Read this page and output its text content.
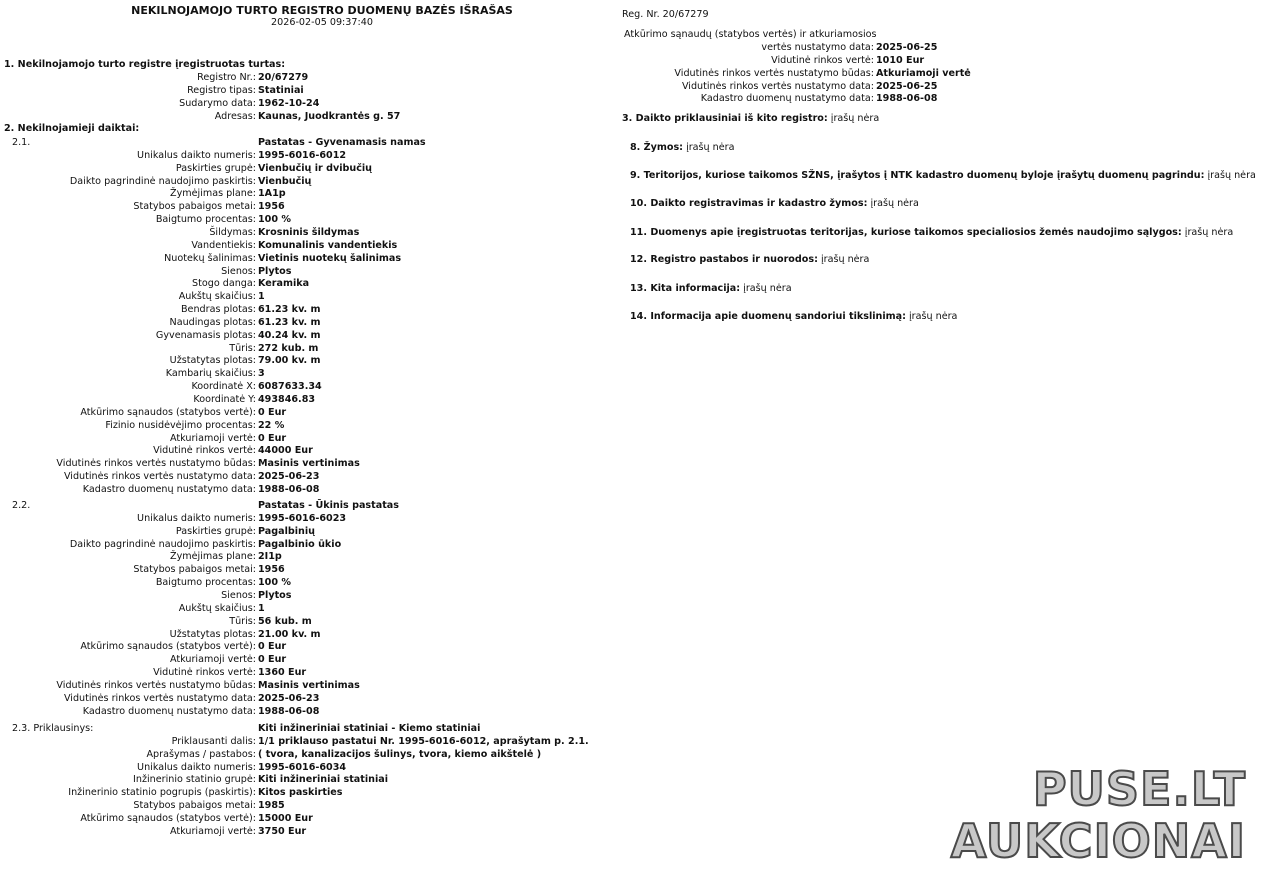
NEKILNOJAMOJO TURTO REGISTRO DUOMENŲ BAZĖS IŠRAŠAS
2026-02-05 09:37:40
Reg. Nr. 20/67279
PUSE.LT
AUKCIONAI
1. Nekilnojamojo turto registre įregistruotas turtas:
Registro Nr.: 20/67279
Registro tipas: Statiniai
Sudarymo data: 1962-10-24
Adresas: Kaunas, Juodkrantės g. 57
2. Nekilnojamieji daiktai:
2.1.	Pastatas - Gyvenamasis namas
Unikalus daikto numeris: 1995-6016-6012
Paskirties grupė: Vienbučių ir dvibučių
Daikto pagrindinė naudojimo paskirtis: Vienbučių
Žymėjimas plane: 1A1p
Statybos pabaigos metai: 1956
Baigtumo procentas: 100 %
Šildymas: Krosninis šildymas
Vandentiekis: Komunalinis vandentiekis
Nuotekų šalinimas: Vietinis nuotekų šalinimas
Sienos: Plytos
Stogo danga: Keramika
Aukštų skaičius: 1
Bendras plotas: 61.23 kv. m
Naudingas plotas: 61.23 kv. m
Gyvenamasis plotas: 40.24 kv. m
Tūris: 272 kub. m
Užstatytas plotas: 79.00 kv. m
Kambarių skaičius: 3
Koordinatė X: 6087633.34
Koordinatė Y: 493846.83
Atkūrimo sąnaudos (statybos vertė): 0 Eur
Fizinio nusidėvėjimo procentas: 22 %
Atkuriamoji vertė: 0 Eur
Vidutinė rinkos vertė: 44000 Eur
Vidutinės rinkos vertės nustatymo būdas: Masinis vertinimas
Vidutinės rinkos vertės nustatymo data: 2025-06-23
Kadastro duomenų nustatymo data: 1988-06-08
2.2.	Pastatas - Ūkinis pastatas
Unikalus daikto numeris: 1995-6016-6023
Paskirties grupė: Pagalbinių
Daikto pagrindinė naudojimo paskirtis: Pagalbinio ūkio
Žymėjimas plane: 2I1p
Statybos pabaigos metai: 1956
Baigtumo procentas: 100 %
Sienos: Plytos
Aukštų skaičius: 1
Tūris: 56 kub. m
Užstatytas plotas: 21.00 kv. m
Atkūrimo sąnaudos (statybos vertė): 0 Eur
Atkuriamoji vertė: 0 Eur
Vidutinė rinkos vertė: 1360 Eur
Vidutinės rinkos vertės nustatymo būdas: Masinis vertinimas
Vidutinės rinkos vertės nustatymo data: 2025-06-23
Kadastro duomenų nustatymo data: 1988-06-08
2.3. Priklausinys:	Kiti inžineriniai statiniai - Kiemo statiniai
Priklausanti dalis: 1/1 priklauso pastatui Nr. 1995-6016-6012, aprašytam p. 2.1.
Aprašymas / pastabos: ( tvora, kanalizacijos šulinys, tvora, kiemo aikštelė )
Unikalus daikto numeris: 1995-6016-6034
Inžinerinio statinio grupė: Kiti inžineriniai statiniai
Inžinerinio statinio pogrupis (paskirtis): Kitos paskirties
Statybos pabaigos metai: 1985
Atkūrimo sąnaudos (statybos vertė): 15000 Eur
Atkuriamoji vertė: 3750 Eur
Atkūrimo sąnaudų (statybos vertės) ir atkuriamosios
vertės nustatymo data: 2025-06-25
Vidutinė rinkos vertė: 1010 Eur
Vidutinės rinkos vertės nustatymo būdas: Atkuriamoji vertė
Vidutinės rinkos vertės nustatymo data: 2025-06-25
Kadastro duomenų nustatymo data: 1988-06-08
3. Daikto priklausiniai iš kito registro: įrašų nėra
8. Žymos: įrašų nėra
9. Teritorijos, kuriose taikomos SŽNS, įrašytos į NTK kadastro duomenų byloje įrašytų duomenų pagrindu: įrašų nėra
10. Daikto registravimas ir kadastro žymos: įrašų nėra
11. Duomenys apie įregistruotas teritorijas, kuriose taikomos specialiosios žemės naudojimo sąlygos: įrašų nėra
12. Registro pastabos ir nuorodos: įrašų nėra
13. Kita informacija: įrašų nėra
14. Informacija apie duomenų sandoriui tikslinimą: įrašų nėra
